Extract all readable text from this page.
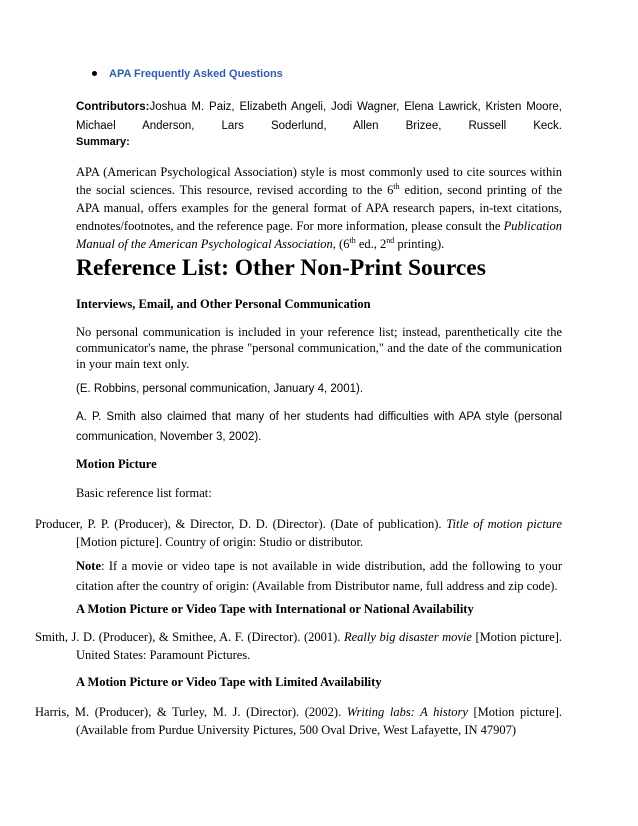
APA Frequently Asked Questions
Contributors:Joshua M. Paiz, Elizabeth Angeli, Jodi Wagner, Elena Lawrick, Kristen Moore, Michael Anderson, Lars Soderlund, Allen Brizee, Russell Keck.
Summary:
APA (American Psychological Association) style is most commonly used to cite sources within the social sciences. This resource, revised according to the 6th edition, second printing of the APA manual, offers examples for the general format of APA research papers, in-text citations, endnotes/footnotes, and the reference page. For more information, please consult the Publication Manual of the American Psychological Association, (6th ed., 2nd printing).
Reference List: Other Non-Print Sources
Interviews, Email, and Other Personal Communication
No personal communication is included in your reference list; instead, parenthetically cite the communicator's name, the phrase "personal communication," and the date of the communication in your main text only.
(E. Robbins, personal communication, January 4, 2001).
A. P. Smith also claimed that many of her students had difficulties with APA style (personal communication, November 3, 2002).
Motion Picture
Basic reference list format:
Producer, P. P. (Producer), & Director, D. D. (Director). (Date of publication). Title of motion picture [Motion picture]. Country of origin: Studio or distributor.
Note: If a movie or video tape is not available in wide distribution, add the following to your citation after the country of origin: (Available from Distributor name, full address and zip code).
A Motion Picture or Video Tape with International or National Availability
Smith, J. D. (Producer), & Smithee, A. F. (Director). (2001). Really big disaster movie [Motion picture]. United States: Paramount Pictures.
A Motion Picture or Video Tape with Limited Availability
Harris, M. (Producer), & Turley, M. J. (Director). (2002). Writing labs: A history [Motion picture]. (Available from Purdue University Pictures, 500 Oval Drive, West Lafayette, IN 47907)
